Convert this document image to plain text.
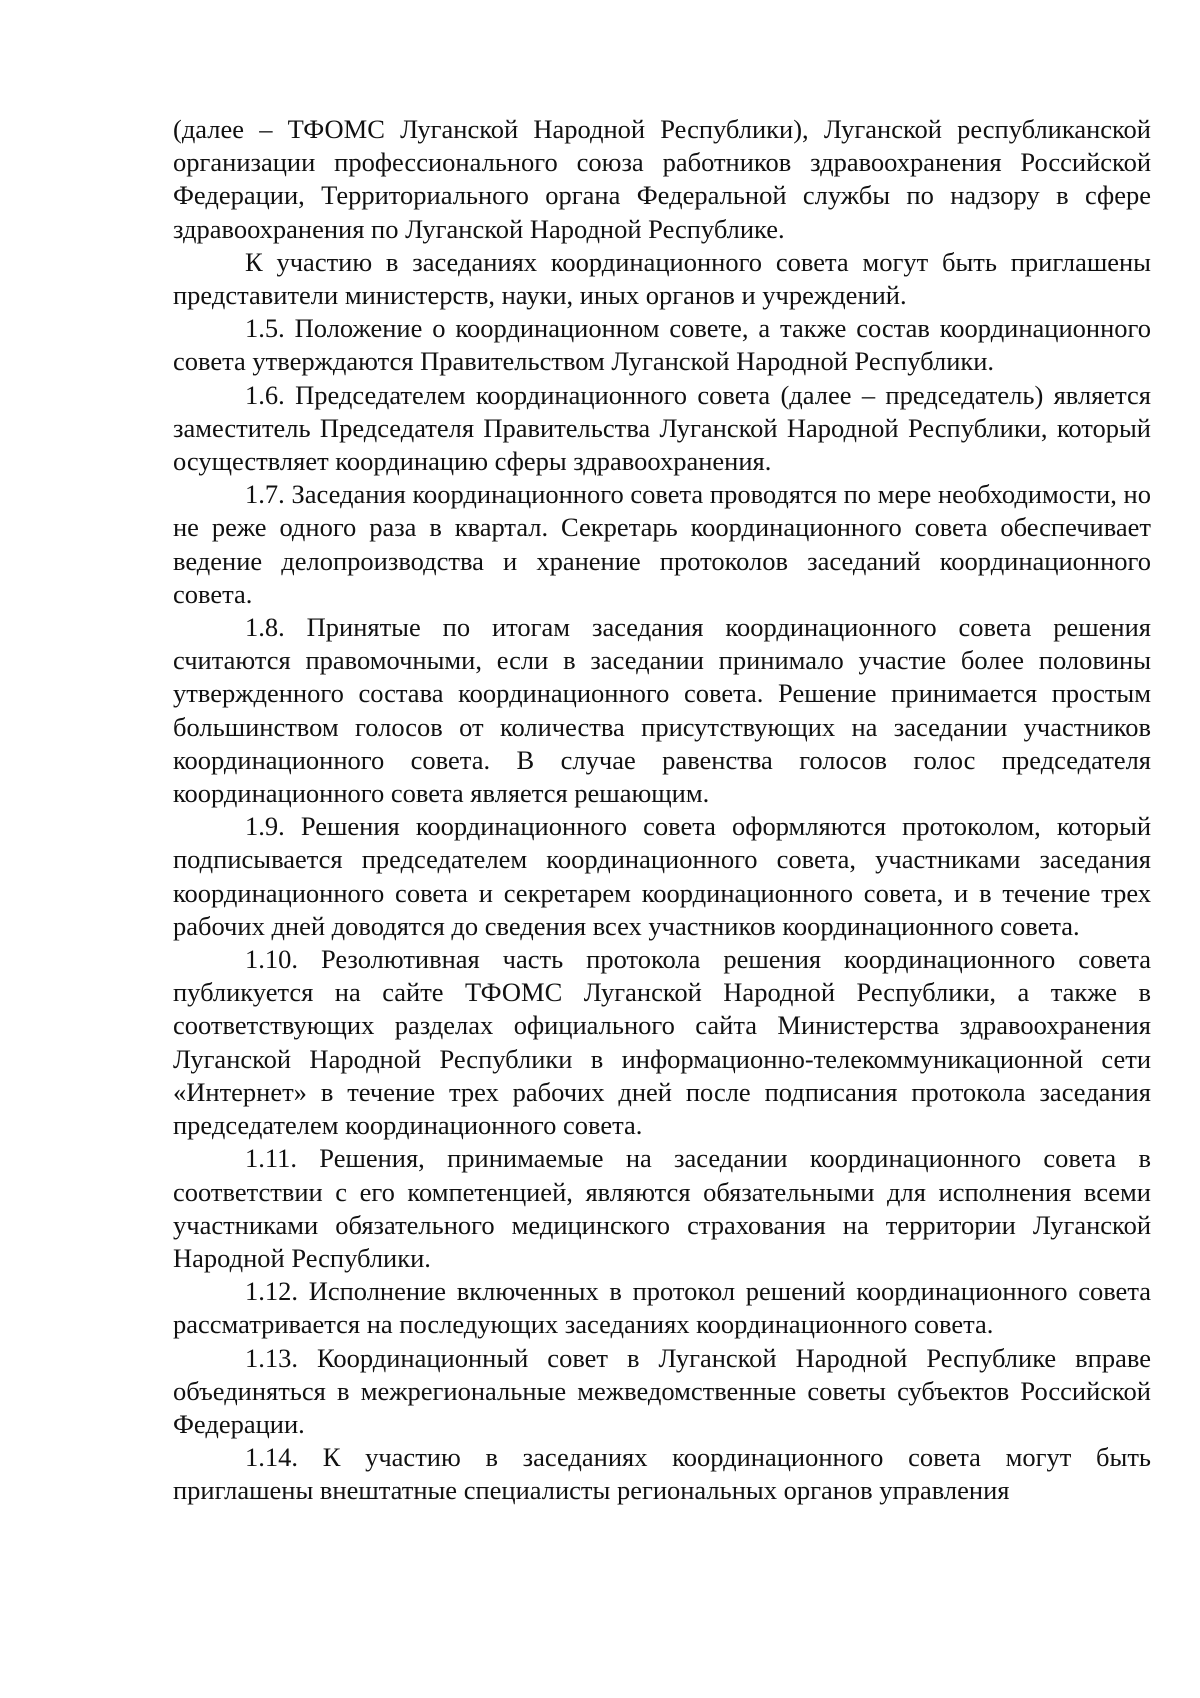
(далее – ТФОМС Луганской Народной Республики), Луганской республиканской организации профессионального союза работников здравоохранения Российской Федерации, Территориального органа Федеральной службы по надзору в сфере здравоохранения по Луганской Народной Республике.

К участию в заседаниях координационного совета могут быть приглашены представители министерств, науки, иных органов и учреждений.

1.5. Положение о координационном совете, а также состав координационного совета утверждаются Правительством Луганской Народной Республики.

1.6. Председателем координационного совета (далее – председатель) является заместитель Председателя Правительства Луганской Народной Республики, который осуществляет координацию сферы здравоохранения.

1.7. Заседания координационного совета проводятся по мере необходимости, но не реже одного раза в квартал. Секретарь координационного совета обеспечивает ведение делопроизводства и хранение протоколов заседаний координационного совета.

1.8. Принятые по итогам заседания координационного совета решения считаются правомочными, если в заседании принимало участие более половины утвержденного состава координационного совета. Решение принимается простым большинством голосов от количества присутствующих на заседании участников координационного совета. В случае равенства голосов голос председателя координационного совета является решающим.

1.9. Решения координационного совета оформляются протоколом, который подписывается председателем координационного совета, участниками заседания координационного совета и секретарем координационного совета, и в течение трех рабочих дней доводятся до сведения всех участников координационного совета.

1.10. Резолютивная часть протокола решения координационного совета публикуется на сайте ТФОМС Луганской Народной Республики, а также в соответствующих разделах официального сайта Министерства здравоохранения Луганской Народной Республики в информационно-телекоммуникационной сети «Интернет» в течение трех рабочих дней после подписания протокола заседания председателем координационного совета.

1.11. Решения, принимаемые на заседании координационного совета в соответствии с его компетенцией, являются обязательными для исполнения всеми участниками обязательного медицинского страхования на территории Луганской Народной Республики.

1.12. Исполнение включенных в протокол решений координационного совета рассматривается на последующих заседаниях координационного совета.

1.13. Координационный совет в Луганской Народной Республике вправе объединяться в межрегиональные межведомственные советы субъектов Российской Федерации.

1.14. К участию в заседаниях координационного совета могут быть приглашены внештатные специалисты региональных органов управления
